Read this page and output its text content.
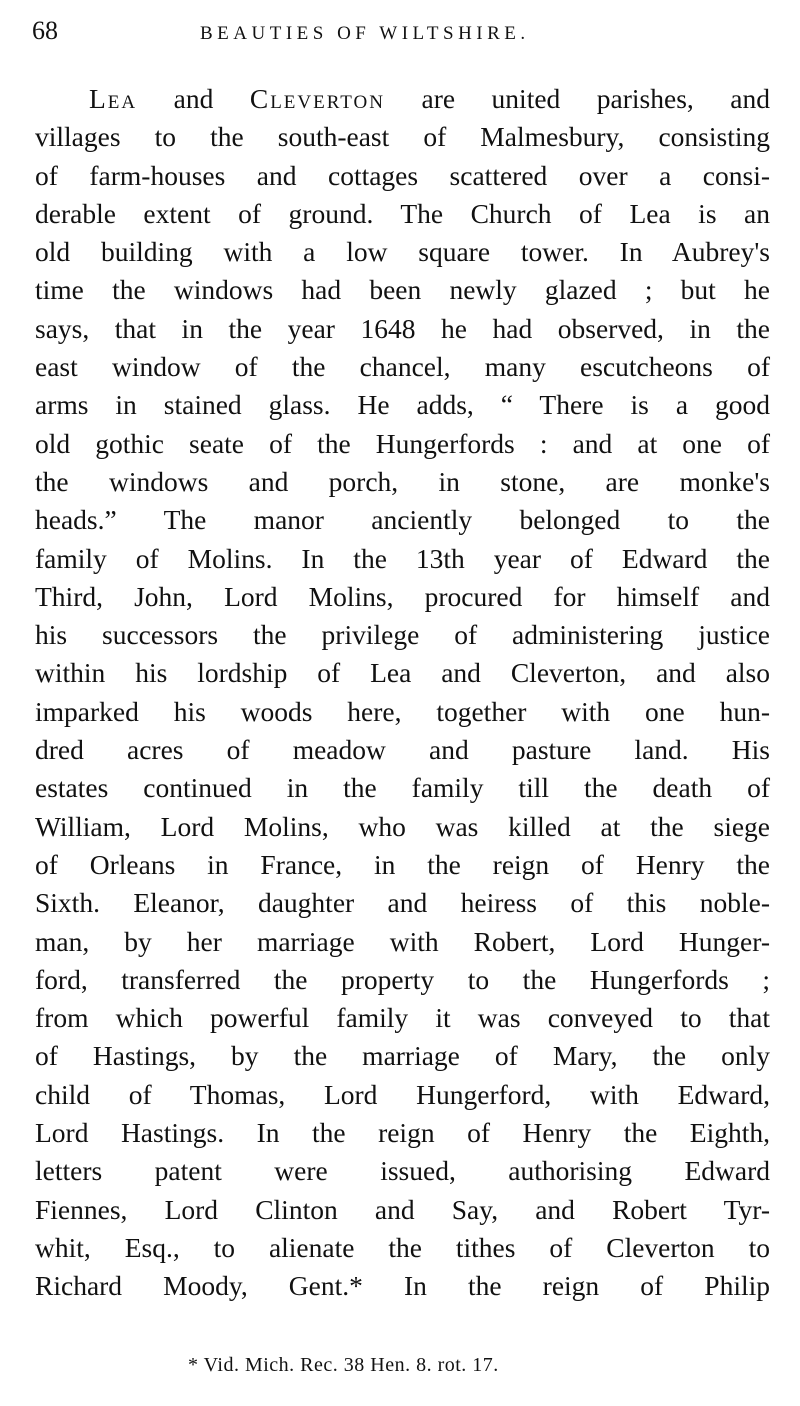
68	BEAUTIES OF WILTSHIRE.
Lea and Cleverton are united parishes, and
villages to the south-east of Malmesbury, consisting
of farm-houses and cottages scattered over a consi-
derable extent of ground. The Church of Lea is an
old building with a low square tower. In Aubrey's
time the windows had been newly glazed ; but he
says, that in the year 1648 he had observed, in the
east window of the chancel, many escutcheons of
arms in stained glass. He adds, “ There is a good
old gothic seate of the Hungerfords : and at one of
the windows and porch, in stone, are monke's
heads.” The manor anciently belonged to the
family of Molins. In the 13th year of Edward the
Third, John, Lord Molins, procured for himself and
his successors the privilege of administering justice
within his lordship of Lea and Cleverton, and also
imparked his woods here, together with one hun-
dred acres of meadow and pasture land. His
estates continued in the family till the death of
William, Lord Molins, who was killed at the siege
of Orleans in France, in the reign of Henry the
Sixth. Eleanor, daughter and heiress of this noble-
man, by her marriage with Robert, Lord Hunger-
ford, transferred the property to the Hungerfords ;
from which powerful family it was conveyed to that
of Hastings, by the marriage of Mary, the only
child of Thomas, Lord Hungerford, with Edward,
Lord Hastings. In the reign of Henry the Eighth,
letters patent were issued, authorising Edward
Fiennes, Lord Clinton and Say, and Robert Tyr-
whit, Esq., to alienate the tithes of Cleverton to
Richard Moody, Gent.* In the reign of Philip
* Vid. Mich. Rec. 38 Hen. 8. rot. 17.
